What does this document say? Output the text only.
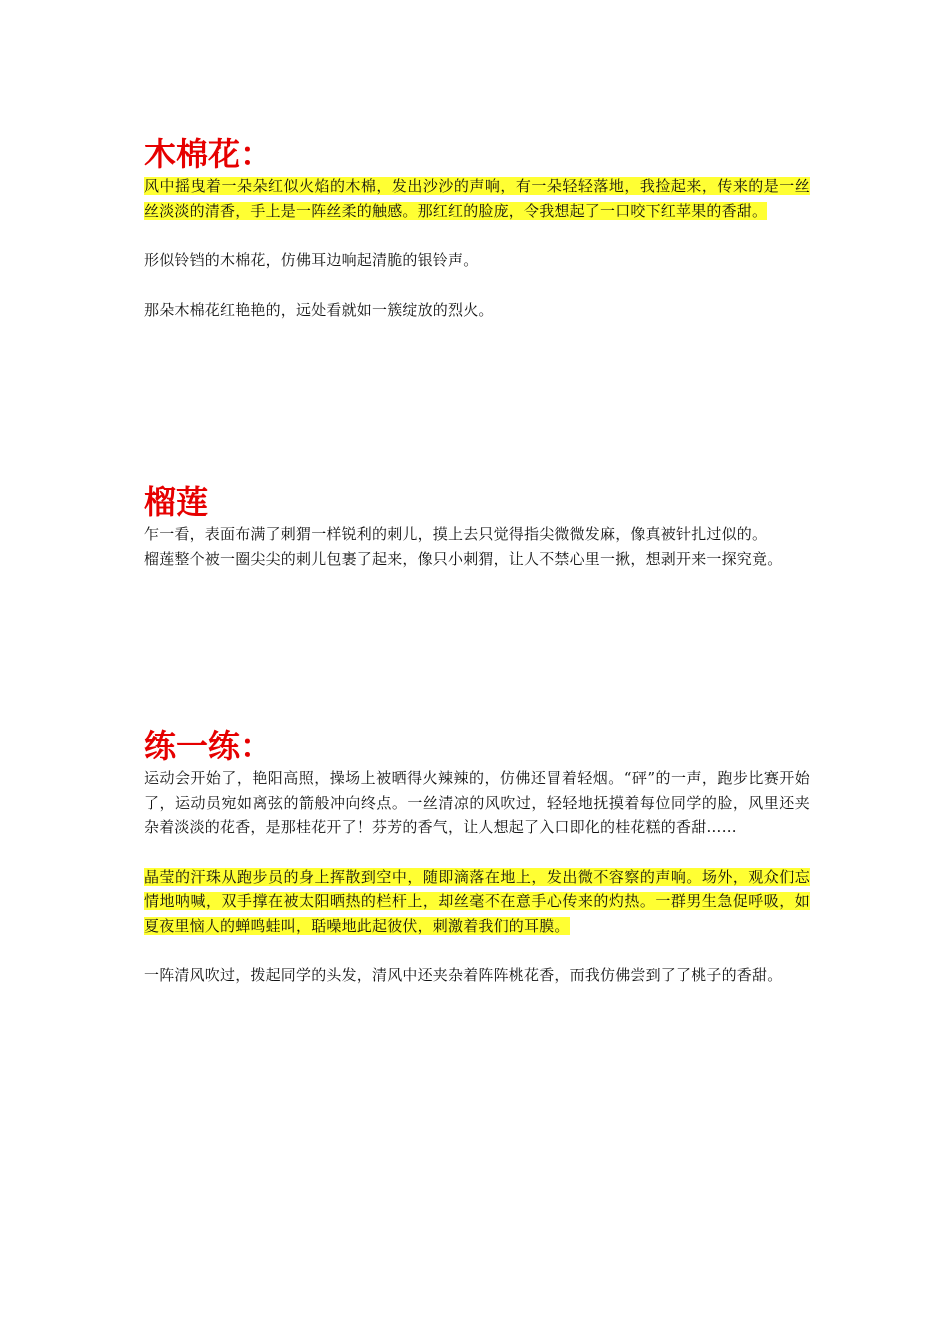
木棉花：

风中摇曳着一朵朵红似火焰的木棉，发出沙沙的声响，有一朵轻轻落地，我捡起来，传来的是一丝丝淡淡的清香，手上是一阵丝柔的触感。那红红的脸庞，令我想起了一口咬下红苹果的香甜。

形似铃铛的木棉花，仿佛耳边响起清脆的银铃声。

那朵木棉花红艳艳的，远处看就如一簇绽放的烈火。

榴莲

乍一看，表面布满了刺猬一样锐利的刺儿，摸上去只觉得指尖微微发麻，像真被针扎过似的。

榴莲整个被一圈尖尖的刺儿包裹了起来，像只小刺猬，让人不禁心里一揪，想剥开来一探究竟。

练一练：

运动会开始了，艳阳高照，操场上被晒得火辣辣的，仿佛还冒着轻烟。“砰”的一声，跑步比赛开始了，运动员宛如离弦的箭般冲向终点。一丝清凉的风吹过，轻轻地抚摸着每位同学的脸，风里还夹杂着淡淡的花香，是那桂花开了！芬芳的香气，让人想起了入口即化的桂花糕的香甜……

晶莹的汗珠从跑步员的身上挥散到空中，随即滴落在地上，发出微不容察的声响。场外，观众们忘情地呐喊，双手撑在被太阳晒热的栏杆上，却丝毫不在意手心传来的灼热。一群男生急促呼吸，如夏夜里恼人的蝉鸣蛙叫，聒噪地此起彼伏，刺激着我们的耳膜。

一阵清风吹过，拨起同学的头发，清风中还夹杂着阵阵桃花香，而我仿佛尝到了了桃子的香甜。
